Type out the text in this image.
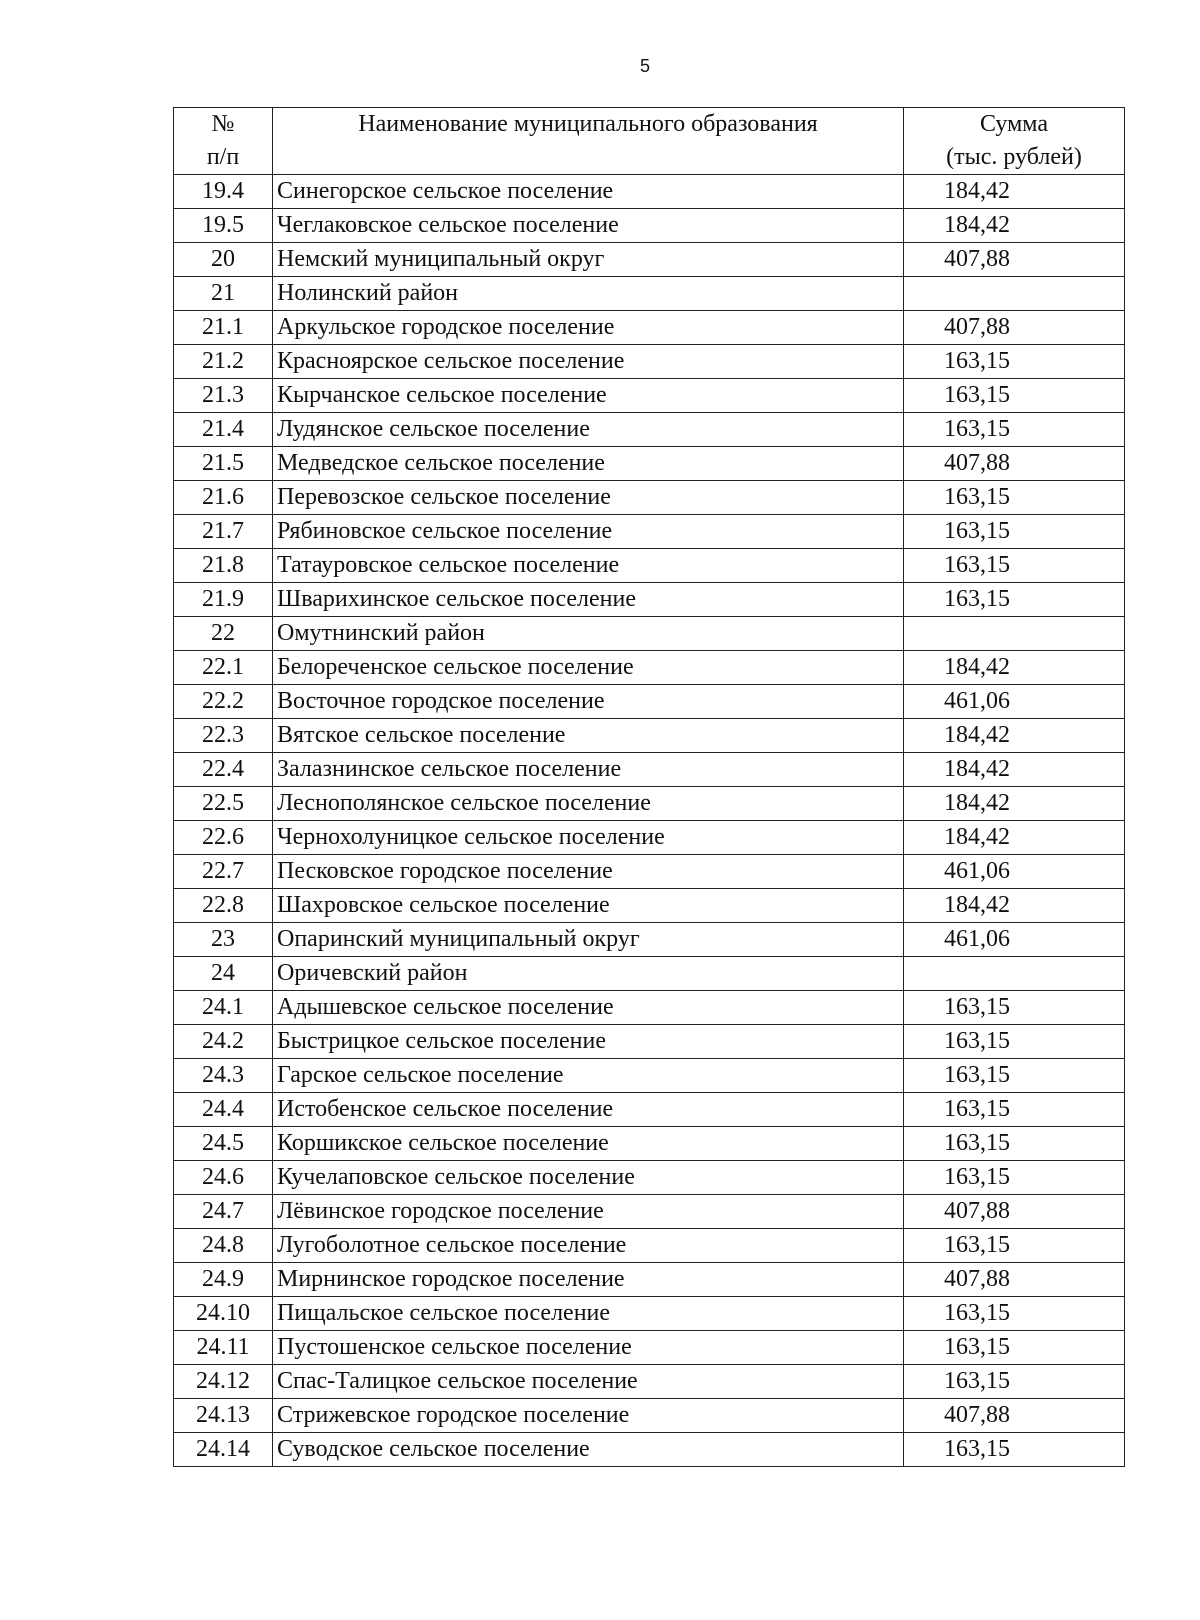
5
№
п/п	Наименование муниципального образования	Сумма
(тыс. рублей)

19.4	Синегорское сельское поселение	184,42
19.5	Чеглаковское сельское поселение	184,42
20	Немский муниципальный округ	407,88
21	Нолинский район	
21.1	Аркульское городское поселение	407,88
21.2	Красноярское сельское поселение	163,15
21.3	Кырчанское сельское поселение	163,15
21.4	Лудянское сельское поселение	163,15
21.5	Медведское сельское поселение	407,88
21.6	Перевозское сельское поселение	163,15
21.7	Рябиновское сельское поселение	163,15
21.8	Татауровское сельское поселение	163,15
21.9	Шварихинское сельское поселение	163,15
22	Омутнинский район	
22.1	Белореченское сельское поселение	184,42
22.2	Восточное городское поселение	461,06
22.3	Вятское сельское поселение	184,42
22.4	Залазнинское сельское поселение	184,42
22.5	Леснополянское сельское поселение	184,42
22.6	Чернохолуницкое сельское поселение	184,42
22.7	Песковское городское поселение	461,06
22.8	Шахровское сельское поселение	184,42
23	Опаринский муниципальный округ	461,06
24	Оричевский район	
24.1	Адышевское сельское поселение	163,15
24.2	Быстрицкое сельское поселение	163,15
24.3	Гарское сельское поселение	163,15
24.4	Истобенское сельское поселение	163,15
24.5	Коршикское сельское поселение	163,15
24.6	Кучелаповское сельское поселение	163,15
24.7	Лёвинское городское поселение	407,88
24.8	Лугоболотное сельское поселение	163,15
24.9	Мирнинское городское поселение	407,88
24.10	Пищальское сельское поселение	163,15
24.11	Пустошенское сельское поселение	163,15
24.12	Спас-Талицкое сельское поселение	163,15
24.13	Стрижевское городское поселение	407,88
24.14	Суводское сельское поселение	163,15
